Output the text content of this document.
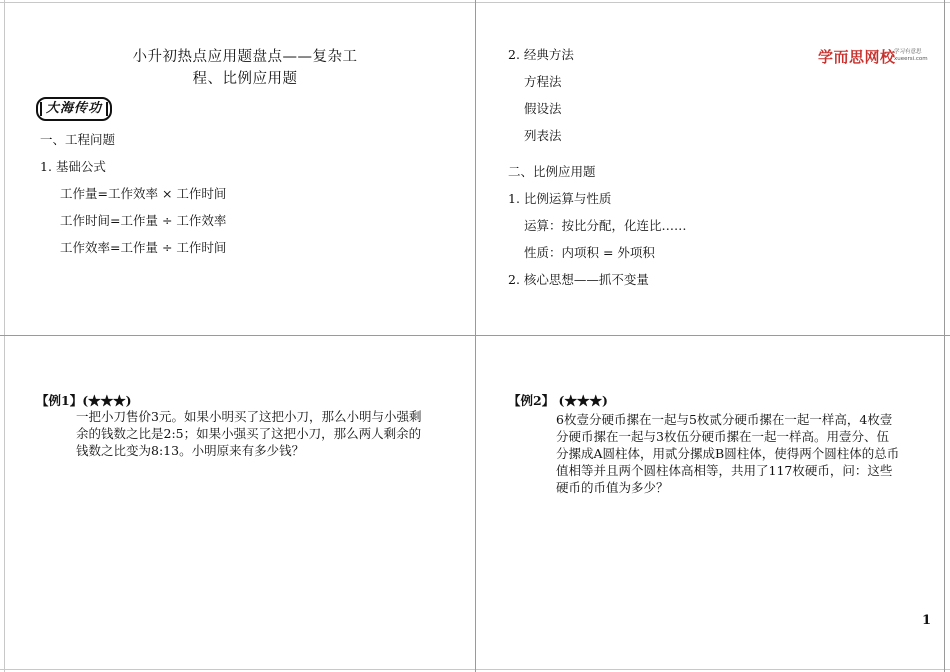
小升初热点应用题盘点——复杂工
程、比例应用题
大海传功
一、工程问题
1. 基础公式
工作量=工作效率 × 工作时间
工作时间=工作量 ÷ 工作效率
工作效率=工作量 ÷ 工作时间
学而思网校
学习有意思
xueersi.com
2. 经典方法
方程法
假设法
列表法
二、比例应用题
1. 比例运算与性质
运算：按比分配，化连比……
性质：内项积 = 外项积
2. 核心思想——抓不变量
【例1】(★★★)
一把小刀售价3元。如果小明买了这把小刀，那么小明与小强剩
余的钱数之比是2:5；如果小强买了这把小刀，那么两人剩余的
钱数之比变为8:13。小明原来有多少钱？
【例2】 (★★★)
6枚壹分硬币摞在一起与5枚贰分硬币摞在一起一样高，4枚壹
分硬币摞在一起与3枚伍分硬币摞在一起一样高。用壹分、伍
分摞成A圆柱体，用贰分摞成B圆柱体，使得两个圆柱体的总币
值相等并且两个圆柱体高相等，共用了117枚硬币，问：这些
硬币的币值为多少？
1
